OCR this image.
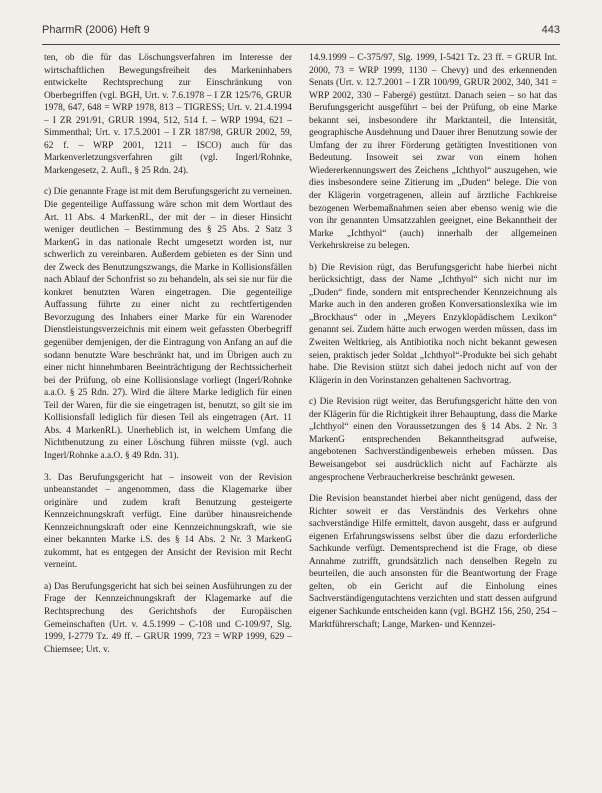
PharmR (2006) Heft 9	443

ten, ob die für das Löschungsverfahren im Interesse der wirtschaftlichen Bewegungsfreiheit des Markeninhabers entwickelte Rechtsprechung zur Einschränkung von Oberbegriffen (vgl. BGH, Urt. v. 7.6.1978 – I ZR 125/76, GRUR 1978, 647, 648 = WRP 1978, 813 – TIGRESS; Urt. v. 21.4.1994 – I ZR 291/91, GRUR 1994, 512, 514 f. – WRP 1994, 621 – Simmenthal; Urt. v. 17.5.2001 – I ZR 187/98, GRUR 2002, 59, 62 f. – WRP 2001, 1211 – ISCO) auch für das Markenverletzungsverfahren gilt (vgl. Ingerl/Rohnke, Markengesetz, 2. Aufl., § 25 Rdn. 24).

c) Die genannte Frage ist mit dem Berufungsgericht zu verneinen. Die gegenteilige Auffassung wäre schon mit dem Wortlaut des Art. 11 Abs. 4 MarkenRL, der mit der – in dieser Hinsicht weniger deutlichen – Bestimmung des § 25 Abs. 2 Satz 3 MarkenG in das nationale Recht umgesetzt worden ist, nur schwerlich zu vereinbaren. Außerdem gebieten es der Sinn und der Zweck des Benutzungszwangs, die Marke in Kollisionsfällen nach Ablauf der Schonfrist so zu behandeln, als sei sie nur für die konkret benutzten Waren eingetragen. Die gegenteilige Auffassung führte zu einer nicht zu rechtfertigenden Bevorzugung des Inhabers einer Marke für ein Warenoder Dienstleistungsverzeichnis mit einem weit gefassten Oberbegriff gegenüber demjenigen, der die Eintragung von Anfang an auf die sodann benutzte Ware beschränkt hat, und im Übrigen auch zu einer nicht hinnehmbaren Beeinträchtigung der Rechtssicherheit bei der Prüfung, ob eine Kollisionslage vorliegt (Ingerl/Rohnke a.a.O. § 25 Rdn. 27). Wird die ältere Marke lediglich für einen Teil der Waren, für die sie eingetragen ist, benutzt, so gilt sie im Kollisionsfall lediglich für diesen Teil als eingetragen (Art. 11 Abs. 4 MarkenRL). Unerheblich ist, in welchem Umfang die Nichtbenutzung zu einer Löschung führen müsste (vgl. auch Ingerl/Rohnke a.a.O. § 49 Rdn. 31).

3. Das Berufungsgericht hat – insoweit von der Revision unbeanstandet – angenommen, dass die Klagemarke über originäre und zudem kraft Benutzung gesteigerte Kennzeichnungskraft verfügt. Eine darüber hinausreichende Kennzeichnungskraft oder eine Kennzeichnungskraft, wie sie einer bekannten Marke i.S. des § 14 Abs. 2 Nr. 3 MarkenG zukommt, hat es entgegen der Ansicht der Revision mit Recht verneint.

a) Das Berufungsgericht hat sich bei seinen Ausführungen zu der Frage der Kennzeichnungskraft der Klagemarke auf die Rechtsprechung des Gerichtshofs der Europäischen Gemeinschaften (Urt. v. 4.5.1999 – C-108 und C-109/97, Slg. 1999, I-2779 Tz. 49 ff. – GRUR 1999, 723 = WRP 1999, 629 – Chiemsee; Urt. v.

14.9.1999 – C-375/97, Slg. 1999, I-5421 Tz. 23 ff. = GRUR Int. 2000, 73 = WRP 1999, 1130 – Chevy) und des erkennenden Senats (Urt. v. 12.7.2001 – I ZR 100/99, GRUR 2002, 340, 341 = WRP 2002, 330 – Fabergé) gestützt. Danach seien – so hat das Berufungsgericht ausgeführt – bei der Prüfung, ob eine Marke bekannt sei, insbesondere ihr Marktanteil, die Intensität, geographische Ausdehnung und Dauer ihrer Benutzung sowie der Umfang der zu ihrer Förderung getätigten Investitionen von Bedeutung. Insoweit sei zwar von einem hohen Wiedererkennungswert des Zeichens „Ichthyol“ auszugehen, wie dies insbesondere seine Zitierung im „Duden“ belege. Die von der Klägerin vorgetragenen, allein auf ärztliche Fachkreise bezogenen Werbemaßnahmen seien aber ebenso wenig wie die von ihr genannten Umsatzzahlen geeignet, eine Bekanntheit der Marke „Ichthyol“ (auch) innerhalb der allgemeinen Verkehrskreise zu belegen.

b) Die Revision rügt, das Berufungsgericht habe hierbei nicht berücksichtigt, dass der Name „Ichthyol“ sich nicht nur im „Duden“ finde, sondern mit entsprechender Kennzeichnung als Marke auch in den anderen großen Konversationslexika wie im „Brockhaus“ oder in „Meyers Enzyklopädischem Lexikon“ genannt sei. Zudem hätte auch erwogen werden müssen, dass im Zweiten Weltkrieg, als Antibiotika noch nicht bekannt gewesen seien, praktisch jeder Soldat „Ichthyol“-Produkte bei sich gehabt habe. Die Revision stützt sich dabei jedoch nicht auf von der Klägerin in den Vorinstanzen gehaltenen Sachvortrag.

c) Die Revision rügt weiter, das Berufungsgericht hätte den von der Klägerin für die Richtigkeit ihrer Behauptung, dass die Marke „Ichthyol“ einen den Voraussetzungen des § 14 Abs. 2 Nr. 3 MarkenG entsprechenden Bekanntheitsgrad aufweise, angebotenen Sachverständigenbeweis erheben müssen. Das Beweisangebot sei ausdrücklich nicht auf Fachärzte als angesprochene Verbraucherkreise beschränkt gewesen.

Die Revision beanstandet hierbei aber nicht genügend, dass der Richter soweit er das Verständnis des Verkehrs ohne sachverständige Hilfe ermittelt, davon ausgeht, dass er aufgrund eigenen Erfahrungswissens selbst über die dazu erforderliche Sachkunde verfügt. Dementsprechend ist die Frage, ob diese Annahme zutrifft, grundsätzlich nach denselben Regeln zu beurteilen, die auch ansonsten für die Beantwortung der Frage gelten, ob ein Gericht auf die Einholung eines Sachverständigengutachtens verzichten und statt dessen aufgrund eigener Sachkunde entscheiden kann (vgl. BGHZ 156, 250, 254 – Marktführerschaft; Lange, Marken- und Kennzei-
